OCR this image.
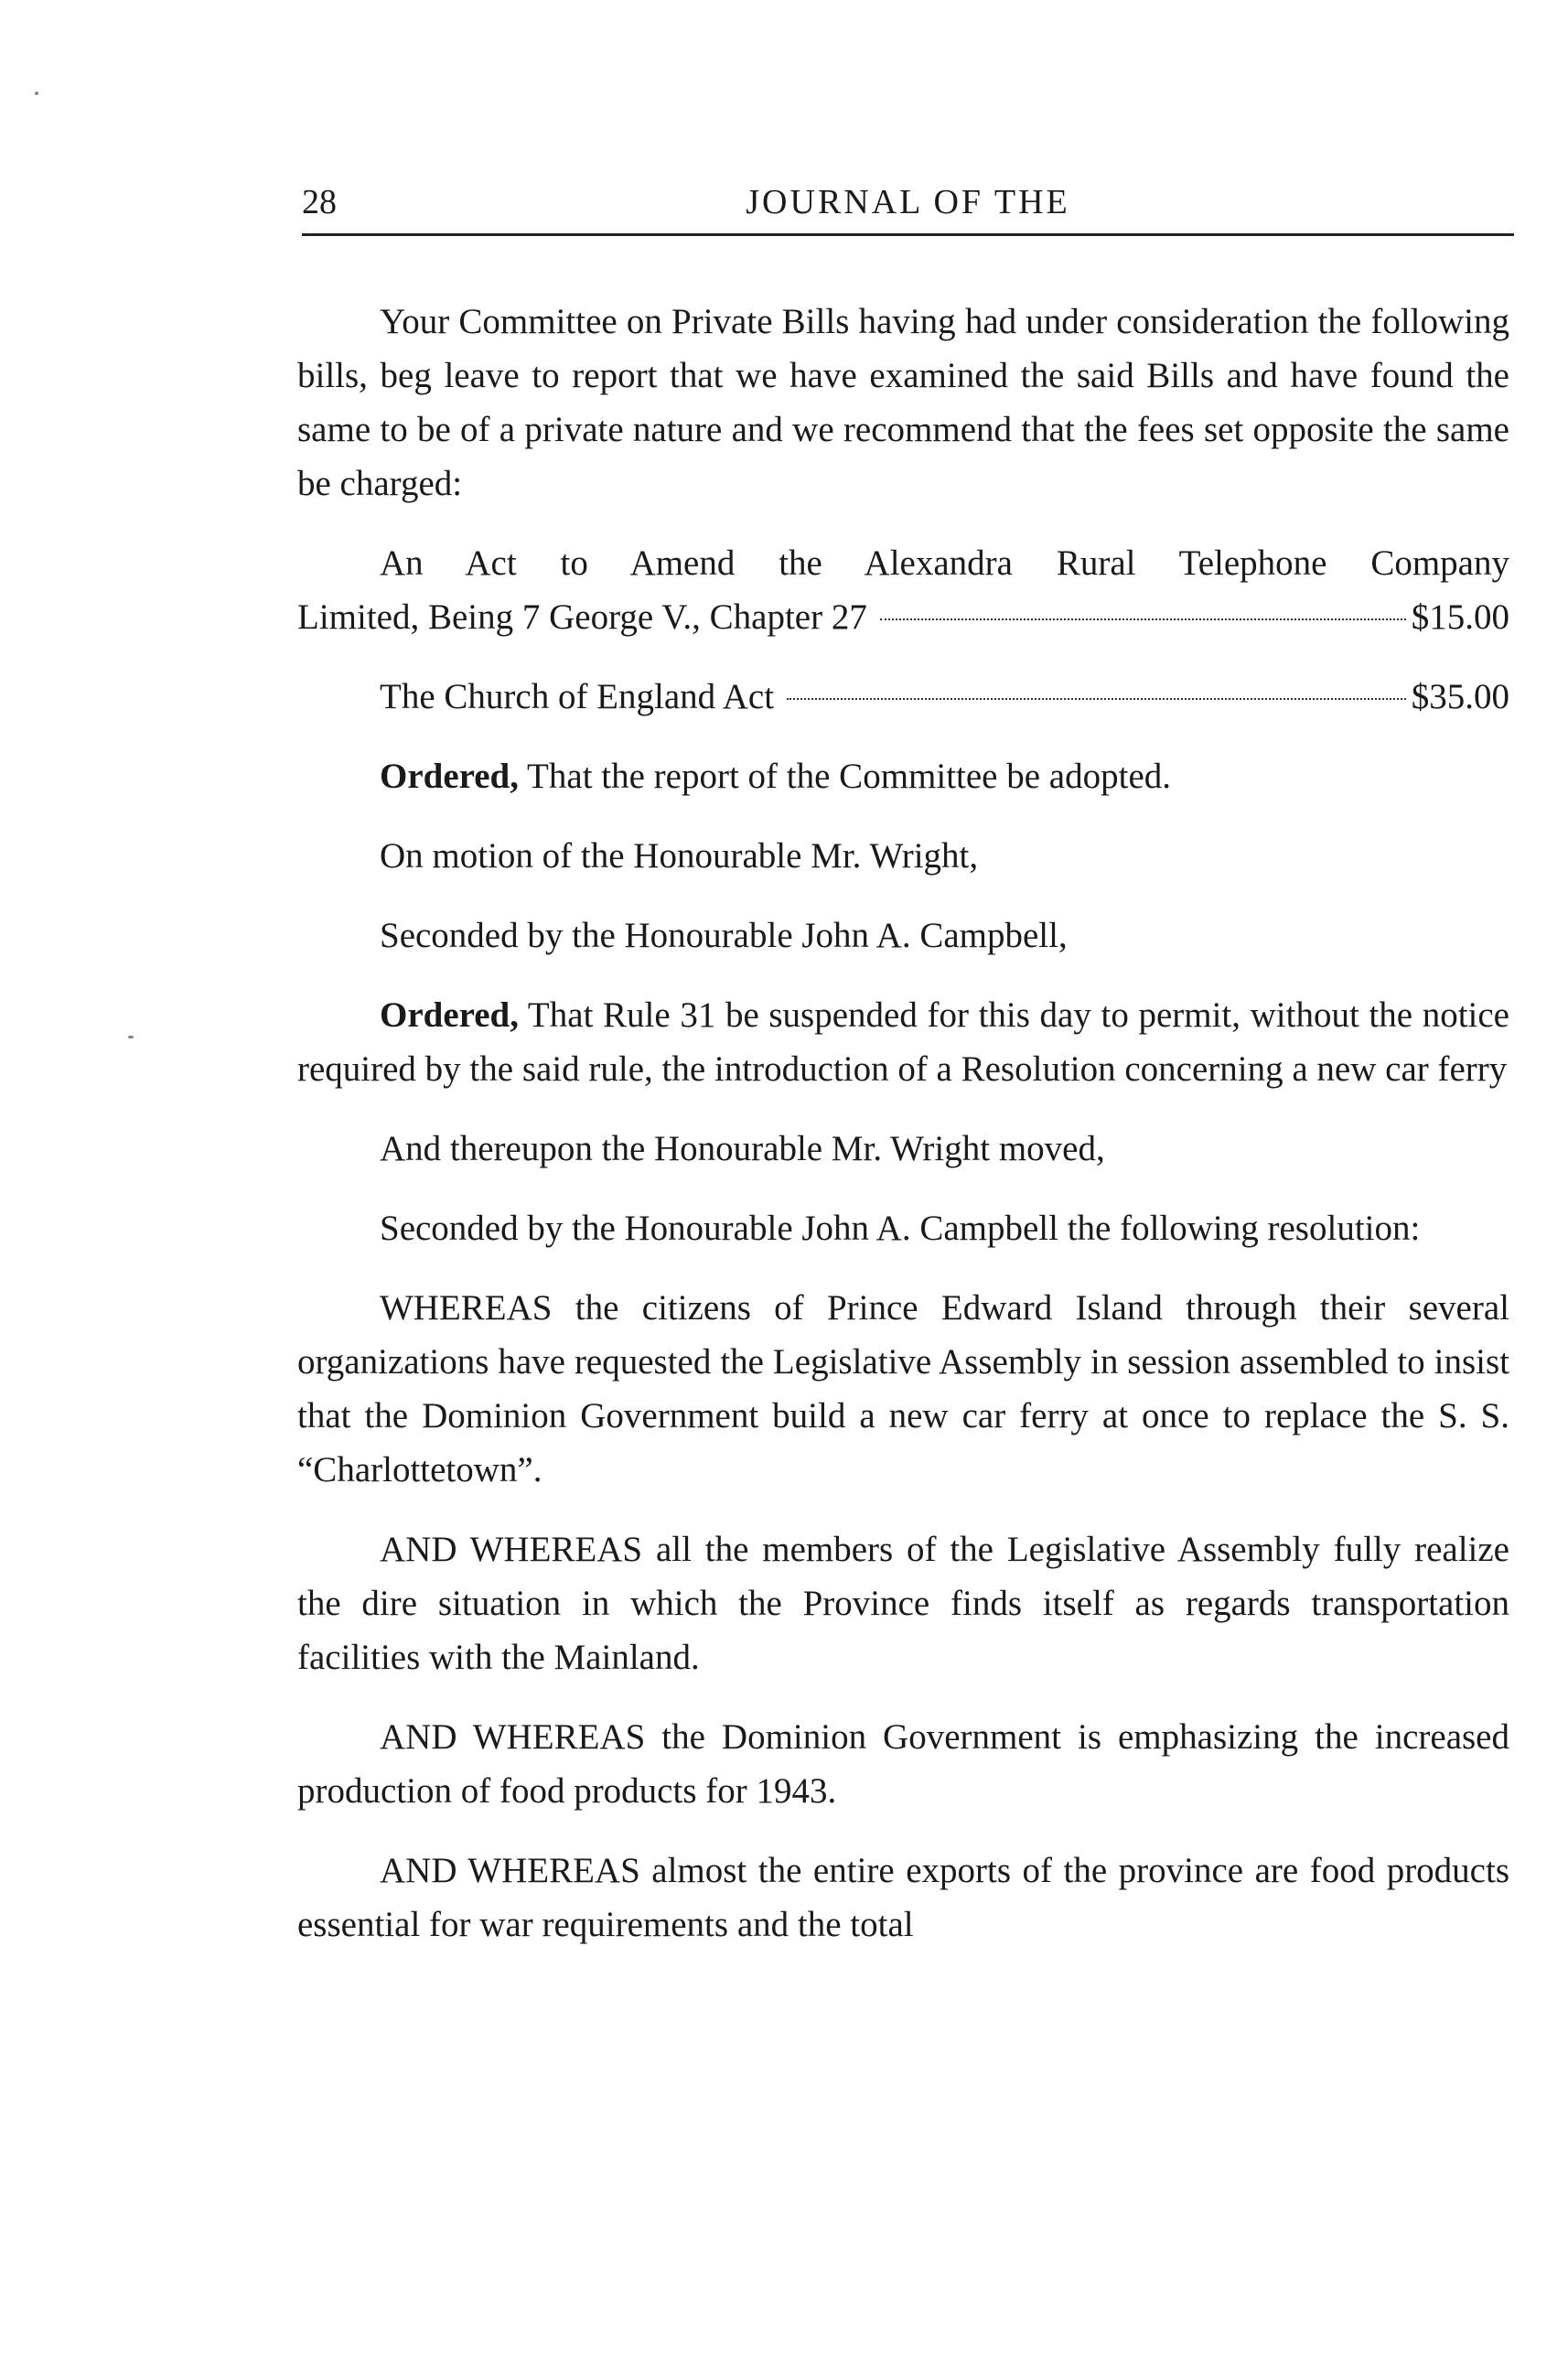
28	JOURNAL OF THE

Your Committee on Private Bills having had under consideration the following bills, beg leave to report that we have examined the said Bills and have found the same to be of a private nature and we recommend that the fees set opposite the same be charged:

An Act to Amend the Alexandra Rural Telephone Company
Limited, Being 7 George V., Chapter 27	$15.00
The Church of England Act	$35.00

Ordered, That the report of the Committee be adopted.

On motion of the Honourable Mr. Wright,

Seconded by the Honourable John A. Campbell,

Ordered, That Rule 31 be suspended for this day to permit, without the notice required by the said rule, the introduction of a Resolution concerning a new car ferry

And thereupon the Honourable Mr. Wright moved,

Seconded by the Honourable John A. Campbell the following resolution:

WHEREAS the citizens of Prince Edward Island through their several organizations have requested the Legislative Assembly in session assembled to insist that the Dominion Government build a new car ferry at once to replace the S. S. “Charlottetown”.

AND WHEREAS all the members of the Legislative Assembly fully realize the dire situation in which the Province finds itself as regards transportation facilities with the Mainland.

AND WHEREAS the Dominion Government is emphasizing the increased production of food products for 1943.

AND WHEREAS almost the entire exports of the province are food products essential for war requirements and the total
